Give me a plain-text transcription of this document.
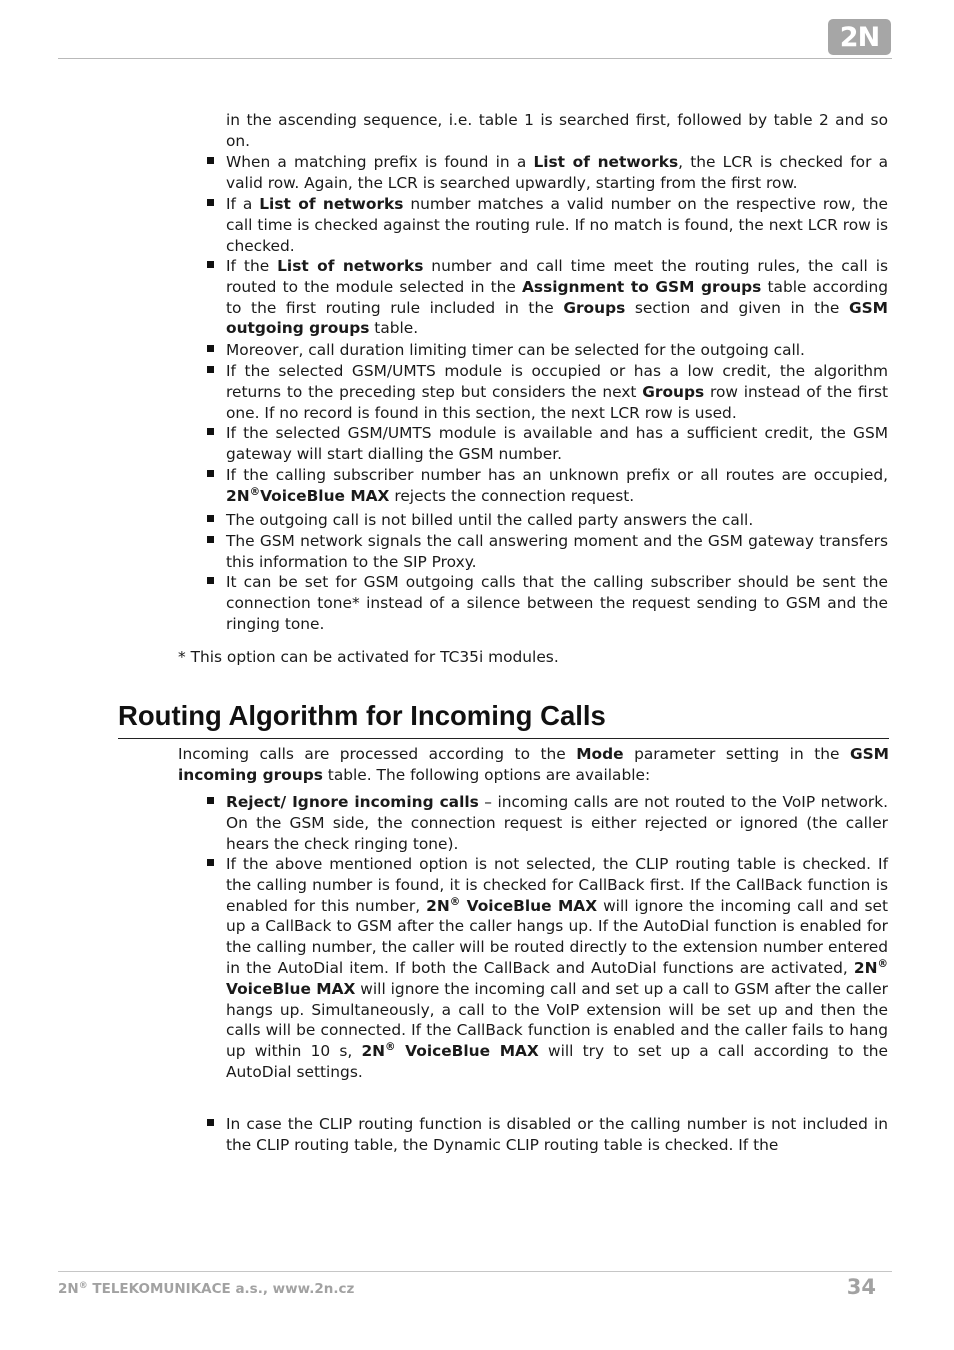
2N
in the ascending sequence, i.e. table 1 is searched first, followed by table 2 and so on.
When a matching prefix is found in a List of networks, the LCR is checked for a valid row. Again, the LCR is searched upwardly, starting from the first row.
If a List of networks number matches a valid number on the respective row, the call time is checked against the routing rule. If no match is found, the next LCR row is checked.
If the List of networks number and call time meet the routing rules, the call is routed to the module selected in the Assignment to GSM groups table according to the first routing rule included in the Groups section and given in the GSM outgoing groups table.
Moreover, call duration limiting timer can be selected for the outgoing call.
If the selected GSM/UMTS module is occupied or has a low credit, the algorithm returns to the preceding step but considers the next Groups row instead of the first one. If no record is found in this section, the next LCR row is used.
If the selected GSM/UMTS module is available and has a sufficient credit, the GSM gateway will start dialling the GSM number.
If the calling subscriber number has an unknown prefix or all routes are occupied, 2N®VoiceBlue MAX rejects the connection request.
The outgoing call is not billed until the called party answers the call.
The GSM network signals the call answering moment and the GSM gateway transfers this information to the SIP Proxy.
It can be set for GSM outgoing calls that the calling subscriber should be sent the connection tone* instead of a silence between the request sending to GSM and the ringing tone.
* This option can be activated for TC35i modules.
Routing Algorithm for Incoming Calls
Incoming calls are processed according to the Mode parameter setting in the GSM incoming groups table. The following options are available:
Reject/ Ignore incoming calls – incoming calls are not routed to the VoIP network. On the GSM side, the connection request is either rejected or ignored (the caller hears the check ringing tone).
If the above mentioned option is not selected, the CLIP routing table is checked. If the calling number is found, it is checked for CallBack first. If the CallBack function is enabled for this number, 2N® VoiceBlue MAX will ignore the incoming call and set up a CallBack to GSM after the caller hangs up. If the AutoDial function is enabled for the calling number, the caller will be routed directly to the extension number entered in the AutoDial item. If both the CallBack and AutoDial functions are activated, 2N® VoiceBlue MAX will ignore the incoming call and set up a call to GSM after the caller hangs up. Simultaneously, a call to the VoIP extension will be set up and then the calls will be connected. If the CallBack function is enabled and the caller fails to hang up within 10 s, 2N® VoiceBlue MAX will try to set up a call according to the AutoDial settings.
In case the CLIP routing function is disabled or the calling number is not included in the CLIP routing table, the Dynamic CLIP routing table is checked. If the
2N® TELEKOMUNIKACE a.s., www.2n.cz	34
